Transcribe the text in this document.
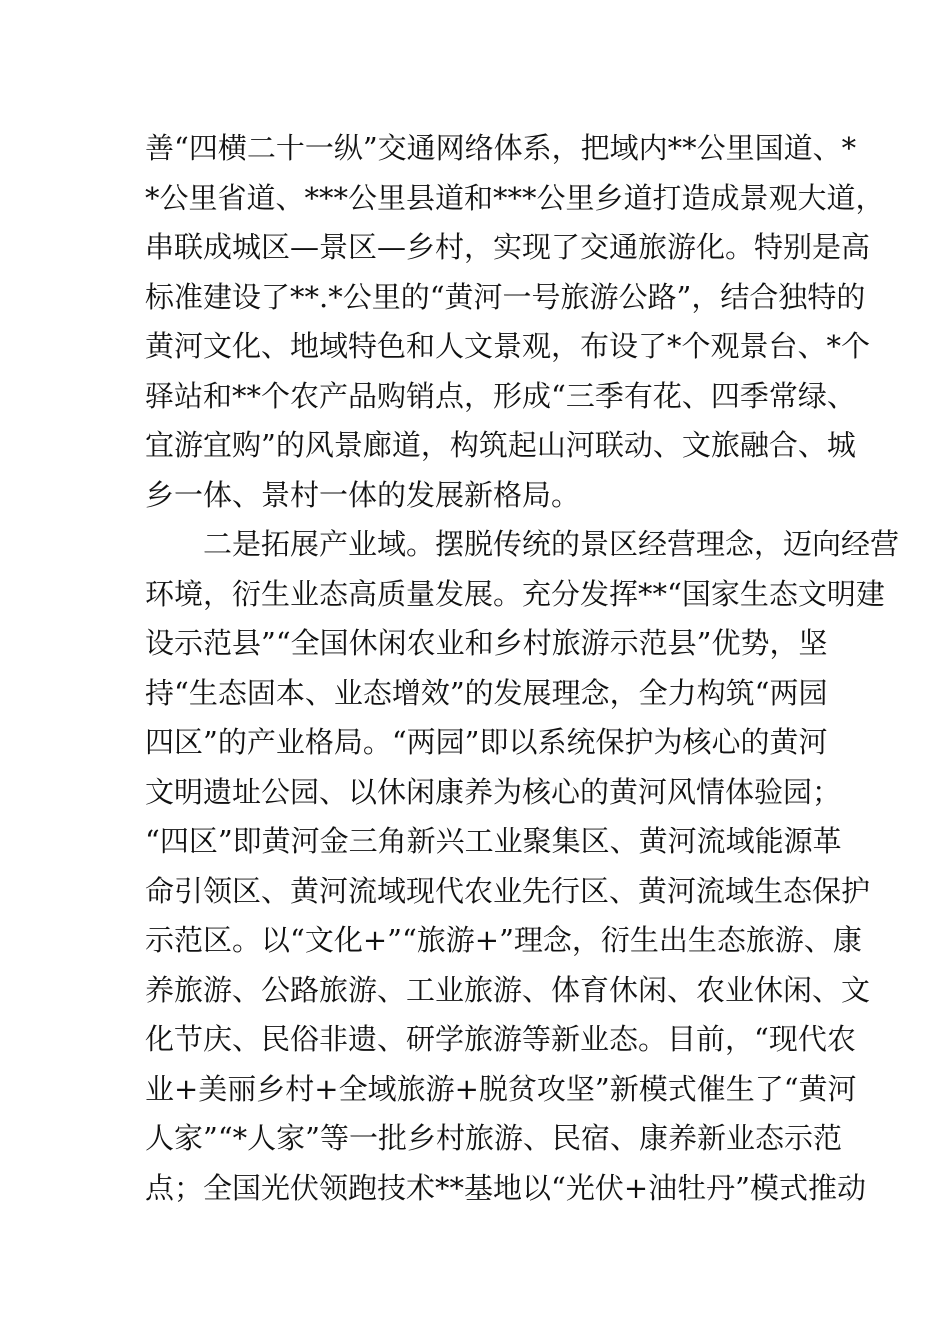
善“四横二十一纵”交通网络体系，把域内**公里国道、*
*公里省道、***公里县道和***公里乡道打造成景观大道，
串联成城区—景区—乡村，实现了交通旅游化。特别是高
标准建设了**.*公里的“黄河一号旅游公路”，结合独特的
黄河文化、地域特色和人文景观，布设了*个观景台、*个
驿站和**个农产品购销点，形成“三季有花、四季常绿、
宜游宜购”的风景廊道，构筑起山河联动、文旅融合、城
乡一体、景村一体的发展新格局。
　　二是拓展产业域。摆脱传统的景区经营理念，迈向经营
环境，衍生业态高质量发展。充分发挥**“国家生态文明建
设示范县”“全国休闲农业和乡村旅游示范县”优势，坚
持“生态固本、业态增效”的发展理念，全力构筑“两园
四区”的产业格局。“两园”即以系统保护为核心的黄河
文明遗址公园、以休闲康养为核心的黄河风情体验园；
“四区”即黄河金三角新兴工业聚集区、黄河流域能源革
命引领区、黄河流域现代农业先行区、黄河流域生态保护
示范区。以“文化+”“旅游+”理念，衍生出生态旅游、康
养旅游、公路旅游、工业旅游、体育休闲、农业休闲、文
化节庆、民俗非遗、研学旅游等新业态。目前，“现代农
业+美丽乡村+全域旅游+脱贫攻坚”新模式催生了“黄河
人家”“*人家”等一批乡村旅游、民宿、康养新业态示范
点；全国光伏领跑技术**基地以“光伏+油牡丹”模式推动
